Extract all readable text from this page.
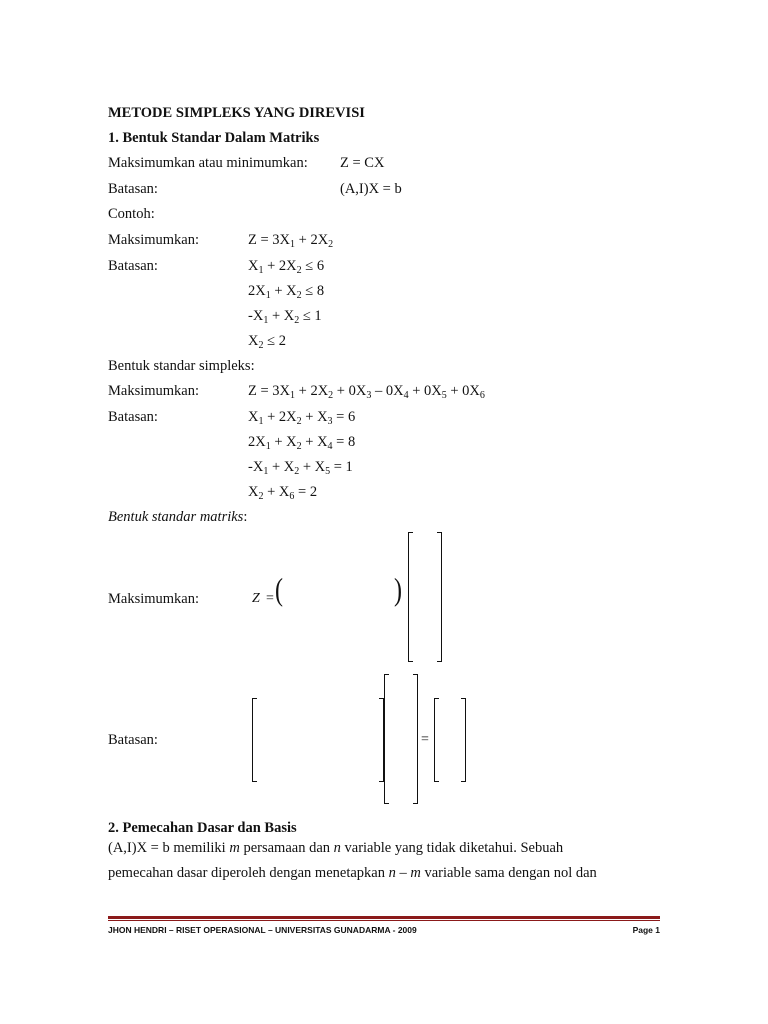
METODE SIMPLEKS YANG DIREVISI
1. Bentuk Standar Dalam Matriks
Maksimumkan atau minimumkan: Z = CX
Batasan:	(A,I)X = b
Contoh:
Maksimumkan:	$Z = 3X_1 + 2X_2$
Batasan:	$X_1 + 2X_2 \le 6$
$2X_1 + X_2 \le 8$
$-X_1 + X_2 \le 1$
$X_2 \le 2$
Bentuk standar simpleks:
Maksimumkan:	$Z = 3X_1 + 2X_2 + 0X_3 - 0X_4 + 0X_5 + 0X_6$
Batasan:	$X_1 + 2X_2 + X_3 = 6$
$2X_1 + X_2 + X_4 = 8$
$-X_1 + X_2 + X_5 = 1$
$X_2 + X_6 = 2$
Bentuk standar matriks:
Maksimumkan:	Z = (	)
Batasan:	=
2. Pemecahan Dasar dan Basis
(A,I)X = b memiliki m persamaan dan n variable yang tidak diketahui. Sebuah
pemecahan dasar diperoleh dengan menetapkan n – m variable sama dengan nol dan
JHON HENDRI – RISET OPERASIONAL – UNIVERSITAS GUNADARMA - 2009	Page 1
